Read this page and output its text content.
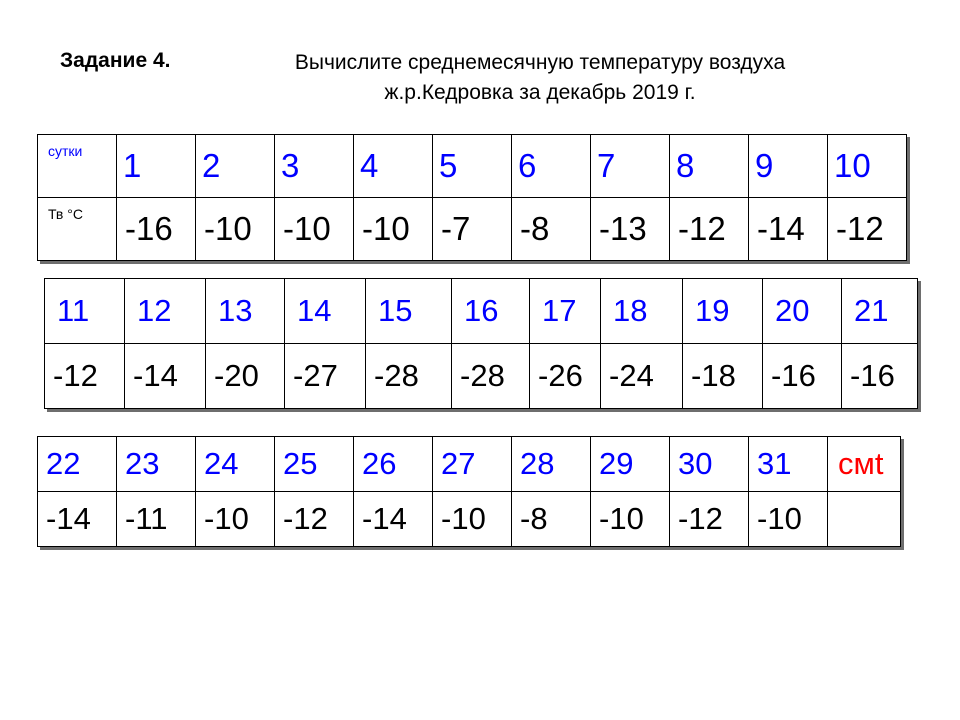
Задание 4.	Вычислите среднемесячную температуру воздуха
ж.р.Кедровка за декабрь 2019 г.
сутки	1	2	3	4	5	6	7	8	9	10
Тв °С	-16	-10	-10	-10	-7	-8	-13	-12	-14	-12
11	12	13	14	15	16	17	18	19	20	21
-12	-14	-20	-27	-28	-28	-26	-24	-18	-16	-16
22	23	24	25	26	27	28	29	30	31	cмt
-14	-11	-10	-12	-14	-10	-8	-10	-12	-10	
